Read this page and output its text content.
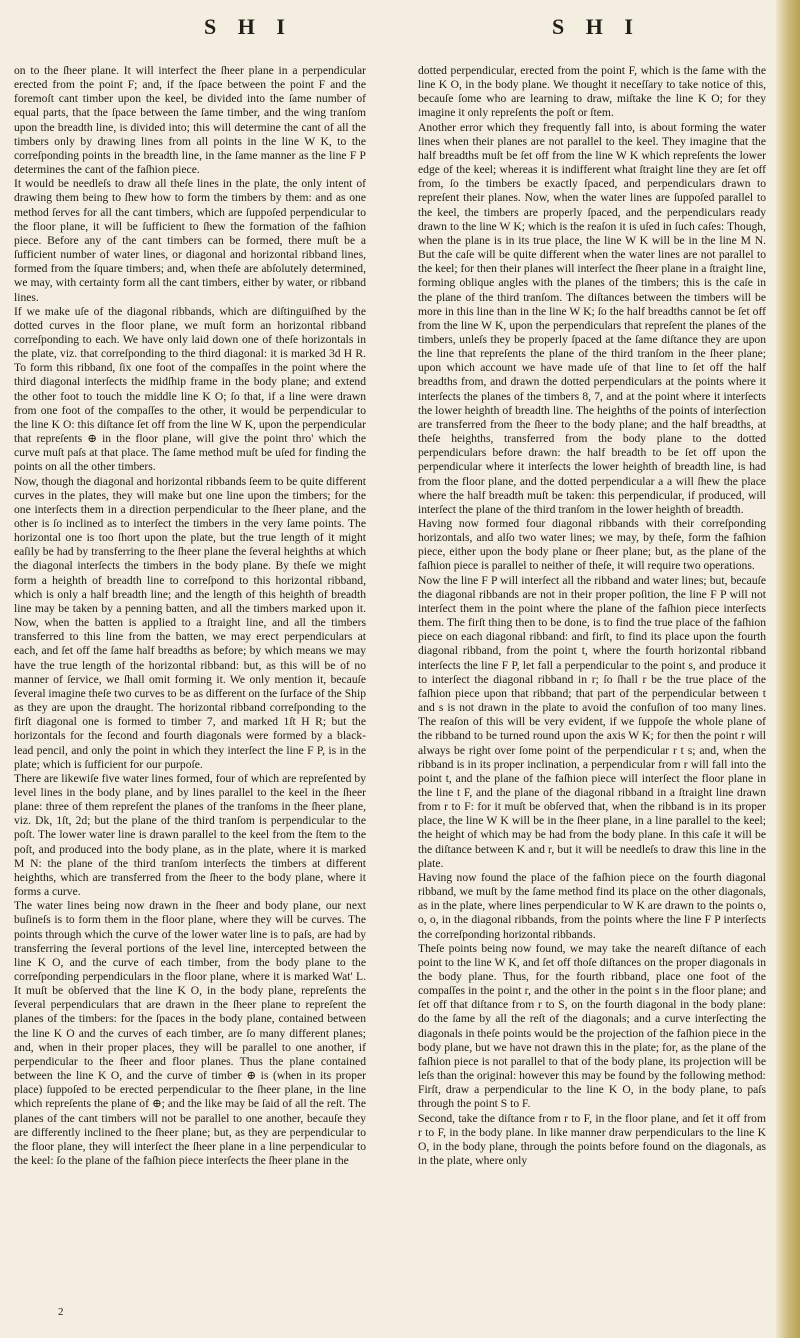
S H I	S H I

on to the ſheer plane. It will interfect the ſheer plane in a perpendicular erected from the point F; and, if the ſpace between the point F and the foremoſt cant timber upon the keel, be divided into the ſame number of equal parts, that the ſpace between the ſame timber, and the wing tranſom upon the breadth line, is divided into; this will determine the cant of all the timbers only by drawing lines from all points in the line W K, to the correſponding points in the breadth line, in the ſame manner as the line F P determines the cant of the faſhion piece.

It would be needleſs to draw all theſe lines in the plate, the only intent of drawing them being to ſhew how to form the timbers by them: and as one method ſerves for all the cant timbers, which are ſuppoſed perpendicular to the floor plane, it will be ſufficient to ſhew the formation of the faſhion piece. Before any of the cant timbers can be formed, there muſt be a ſufficient number of water lines, or diagonal and horizontal ribband lines, formed from the ſquare timbers; and, when theſe are abſolutely determined, we may, with certainty form all the cant timbers, either by water, or ribband lines.

If we make uſe of the diagonal ribbands, which are diſtinguiſhed by the dotted curves in the floor plane, we muſt form an horizontal ribband correſponding to each. We have only laid down one of theſe horizontals in the plate, viz. that correſponding to the third diagonal: it is marked 3d H R. To form this ribband, ſix one foot of the compaſſes in the point where the third diagonal interſects the midſhip frame in the body plane; and extend the other foot to touch the middle line K O; ſo that, if a line were drawn from one foot of the compaſſes to the other, it would be perpendicular to the line K O: this diſtance ſet off from the line W K, upon the perpendicular that repreſents ⊕ in the floor plane, will give the point thro' which the curve muſt paſs at that place. The ſame method muſt be uſed for finding the points on all the other timbers.

Now, though the diagonal and horizontal ribbands ſeem to be quite different curves in the plates, they will make but one line upon the timbers; for the one interſects them in a direction perpendicular to the ſheer plane, and the other is ſo inclined as to interſect the timbers in the very ſame points. The horizontal one is too ſhort upon the plate, but the true length of it might eaſily be had by transferring to the ſheer plane the ſeveral heighths at which the diagonal interſects the timbers in the body plane. By theſe we might form a heighth of breadth line to correſpond to this horizontal ribband, which is only a half breadth line; and the length of this heighth of breadth line may be taken by a penning batten, and all the timbers marked upon it. Now, when the batten is applied to a ſtraight line, and all the timbers transferred to this line from the batten, we may erect perpendiculars at each, and ſet off the ſame half breadths as before; by which means we may have the true length of the horizontal ribband: but, as this will be of no manner of ſervice, we ſhall omit forming it. We only mention it, becauſe ſeveral imagine theſe two curves to be as different on the ſurface of the Ship as they are upon the draught. The horizontal ribband correſponding to the firſt diagonal one is formed to timber 7, and marked 1ſt H R; but the horizontals for the ſecond and fourth diagonals were formed by a black-lead pencil, and only the point in which they interſect the line F P, is in the plate; which is ſufficient for our purpoſe.

There are likewiſe five water lines formed, four of which are repreſented by level lines in the body plane, and by lines parallel to the keel in the ſheer plane: three of them repreſent the planes of the tranſoms in the ſheer plane, viz. Dk, 1ſt, 2d; but the plane of the third tranſom is perpendicular to the poſt. The lower water line is drawn parallel to the keel from the ſtem to the poſt, and produced into the body plane, as in the plate, where it is marked M N: the plane of the third tranſom interſects the timbers at different heighths, which are transferred from the ſheer to the body plane, where it forms a curve.

The water lines being now drawn in the ſheer and body plane, our next buſineſs is to form them in the floor plane, where they will be curves. The points through which the curve of the lower water line is to paſs, are had by transferring the ſeveral portions of the level line, intercepted between the line K O, and the curve of each timber, from the body plane to the correſponding perpendiculars in the floor plane, where it is marked Wat' L. It muſt be obſerved that the line K O, in the body plane, repreſents the ſeveral perpendiculars that are drawn in the ſheer plane to repreſent the planes of the timbers: for the ſpaces in the body plane, contained between the line K O and the curves of each timber, are ſo many different planes; and, when in their proper places, they will be parallel to one another, if perpendicular to the ſheer and floor planes. Thus the plane contained between the line K O, and the curve of timber ⊕ is (when in its proper place) ſuppoſed to be erected perpendicular to the ſheer plane, in the line which repreſents the plane of ⊕; and the like may be ſaid of all the reſt. The planes of the cant timbers will not be parallel to one another, becauſe they are differently inclined to the ſheer plane; but, as they are perpendicular to the floor plane, they will interſect the ſheer plane in a line perpendicular to the keel: ſo the plane of the faſhion piece interſects the ſheer plane in the

dotted perpendicular, erected from the point F, which is the ſame with the line K O, in the body plane. We thought it neceſſary to take notice of this, becauſe ſome who are learning to draw, miſtake the line K O; for they imagine it only repreſents the poſt or ſtem.

Another error which they frequently fall into, is about forming the water lines when their planes are not parallel to the keel. They imagine that the half breadths muſt be ſet off from the line W K which repreſents the lower edge of the keel; whereas it is indifferent what ſtraight line they are ſet off from, ſo the timbers be exactly ſpaced, and perpendiculars drawn to repreſent their planes. Now, when the water lines are ſuppoſed parallel to the keel, the timbers are properly ſpaced, and the perpendiculars ready drawn to the line W K; which is the reaſon it is uſed in ſuch caſes: Though, when the plane is in its true place, the line W K will be in the line M N. But the caſe will be quite different when the water lines are not parallel to the keel; for then their planes will interſect the ſheer plane in a ſtraight line, forming oblique angles with the planes of the timbers; this is the caſe in the plane of the third tranſom. The diſtances between the timbers will be more in this line than in the line W K; ſo the half breadths cannot be ſet off from the line W K, upon the perpendiculars that repreſent the planes of the timbers, unleſs they be properly ſpaced at the ſame diſtance they are upon the line that repreſents the plane of the third tranſom in the ſheer plane; upon which account we have made uſe of that line to ſet off the half breadths from, and drawn the dotted perpendiculars at the points where it interſects the planes of the timbers 8, 7, and at the point where it interſects the lower heighth of breadth line. The heighths of the points of interſection are transferred from the ſheer to the body plane; and the half breadths, at theſe heighths, transferred from the body plane to the dotted perpendiculars before drawn: the half breadth to be ſet off upon the perpendicular where it interſects the lower heighth of breadth line, is had from the floor plane, and the dotted perpendicular a a will ſhew the place where the half breadth muſt be taken: this perpendicular, if produced, will interſect the plane of the third tranſom in the lower heighth of breadth.

Having now formed four diagonal ribbands with their correſponding horizontals, and alſo two water lines; we may, by theſe, form the faſhion piece, either upon the body plane or ſheer plane; but, as the plane of the faſhion piece is parallel to neither of theſe, it will require two operations.

Now the line F P will interſect all the ribband and water lines; but, becauſe the diagonal ribbands are not in their proper poſition, the line F P will not interſect them in the point where the plane of the faſhion piece interſects them. The firſt thing then to be done, is to find the true place of the faſhion piece on each diagonal ribband: and firſt, to find its place upon the fourth diagonal ribband, from the point t, where the fourth horizontal ribband interſects the line F P, let fall a perpendicular to the point s, and produce it to interſect the diagonal ribband in r; ſo ſhall r be the true place of the faſhion piece upon that ribband; that part of the perpendicular between t and s is not drawn in the plate to avoid the confuſion of too many lines. The reaſon of this will be very evident, if we ſuppoſe the whole plane of the ribband to be turned round upon the axis W K; for then the point r will always be right over ſome point of the perpendicular r t s; and, when the ribband is in its proper inclination, a perpendicular from r will fall into the point t, and the plane of the faſhion piece will interſect the floor plane in the line t F, and the plane of the diagonal ribband in a ſtraight line drawn from r to F: for it muſt be obſerved that, when the ribband is in its proper place, the line W K will be in the ſheer plane, in a line parallel to the keel; the height of which may be had from the body plane. In this caſe it will be the diſtance between K and r, but it will be needleſs to draw this line in the plate.

Having now found the place of the faſhion piece on the fourth diagonal ribband, we muſt by the ſame method find its place on the other diagonals, as in the plate, where lines perpendicular to W K are drawn to the points o, o, o, in the diagonal ribbands, from the points where the line F P interſects the correſponding horizontal ribbands.

Theſe points being now found, we may take the neareſt diſtance of each point to the line W K, and ſet off thoſe diſtances on the proper diagonals in the body plane. Thus, for the fourth ribband, place one foot of the compaſſes in the point r, and the other in the point s in the floor plane; and ſet off that diſtance from r to S, on the fourth diagonal in the body plane: do the ſame by all the reſt of the diagonals; and a curve interſecting the diagonals in theſe points would be the projection of the faſhion piece in the body plane, but we have not drawn this in the plate; for, as the plane of the faſhion piece is not parallel to that of the body plane, its projection will be leſs than the original: however this may be found by the following method:

Firſt, draw a perpendicular to the line K O, in the body plane, to paſs through the point S to F.

Second, take the diſtance from r to F, in the floor plane, and ſet it off from r to F, in the body plane. In like manner draw perpendiculars to the line K O, in the body plane, through the points before found on the diagonals, as in the plate, where only

2
